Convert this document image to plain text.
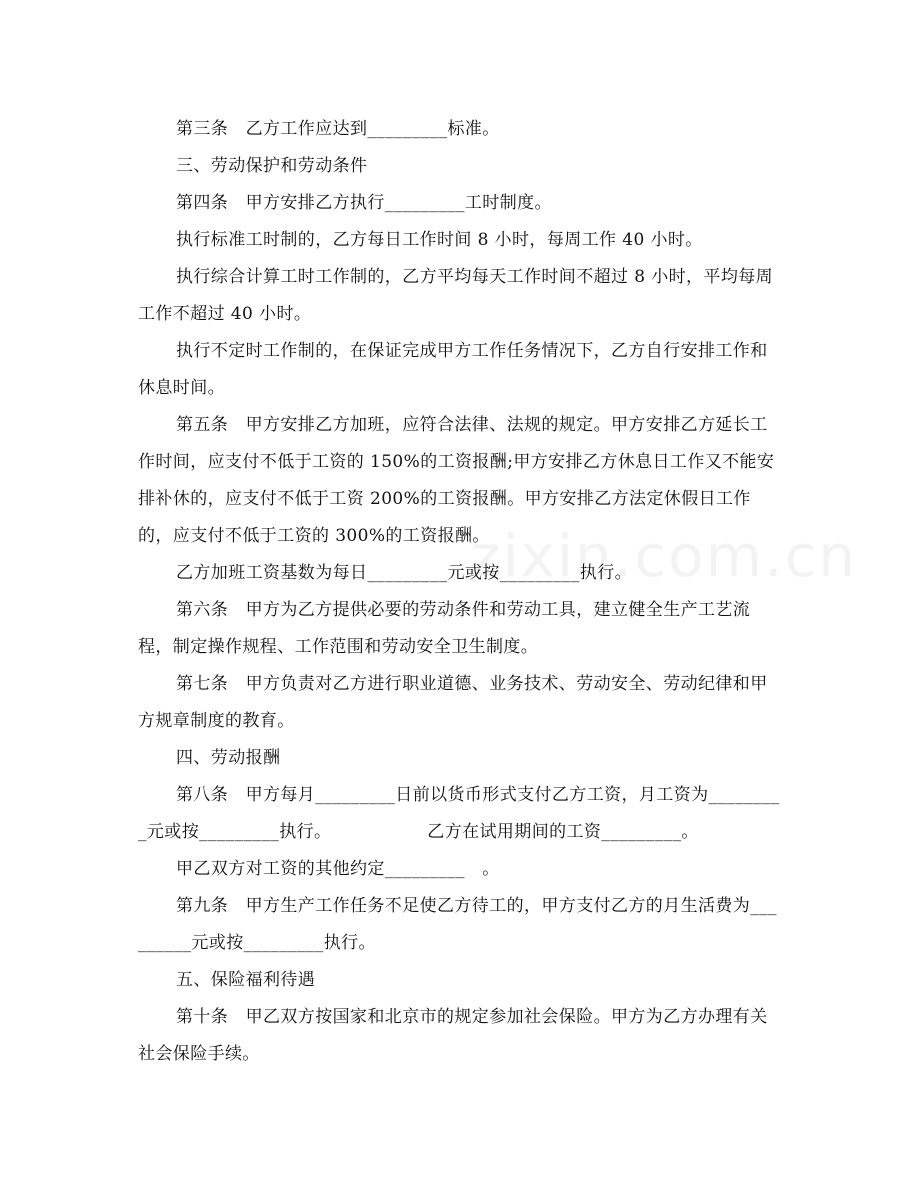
第三条　乙方工作应达到_________标准。

三、劳动保护和劳动条件

第四条　甲方安排乙方执行_________工时制度。

执行标准工时制的，乙方每日工作时间 8 小时，每周工作 40 小时。

执行综合计算工时工作制的，乙方平均每天工作时间不超过 8 小时，平均每周工作不超过 40 小时。

执行不定时工作制的，在保证完成甲方工作任务情况下，乙方自行安排工作和休息时间。

第五条　甲方安排乙方加班，应符合法律、法规的规定。甲方安排乙方延长工作时间，应支付不低于工资的 150%的工资报酬;甲方安排乙方休息日工作又不能安排补休的，应支付不低于工资 200%的工资报酬。甲方安排乙方法定休假日工作的，应支付不低于工资的 300%的工资报酬。

乙方加班工资基数为每日_________元或按_________执行。

第六条　甲方为乙方提供必要的劳动条件和劳动工具，建立健全生产工艺流程，制定操作规程、工作范围和劳动安全卫生制度。

第七条　甲方负责对乙方进行职业道德、业务技术、劳动安全、劳动纪律和甲方规章制度的教育。

四、劳动报酬

第八条　甲方每月_________日前以货币形式支付乙方工资，月工资为_________元或按_________执行。　　　　　　乙方在试用期间的工资_________。

甲乙双方对工资的其他约定_________　。

第九条　甲方生产工作任务不足使乙方待工的，甲方支付乙方的月生活费为_________元或按_________执行。

五、保险福利待遇

第十条　甲乙双方按国家和北京市的规定参加社会保险。甲方为乙方办理有关社会保险手续。
